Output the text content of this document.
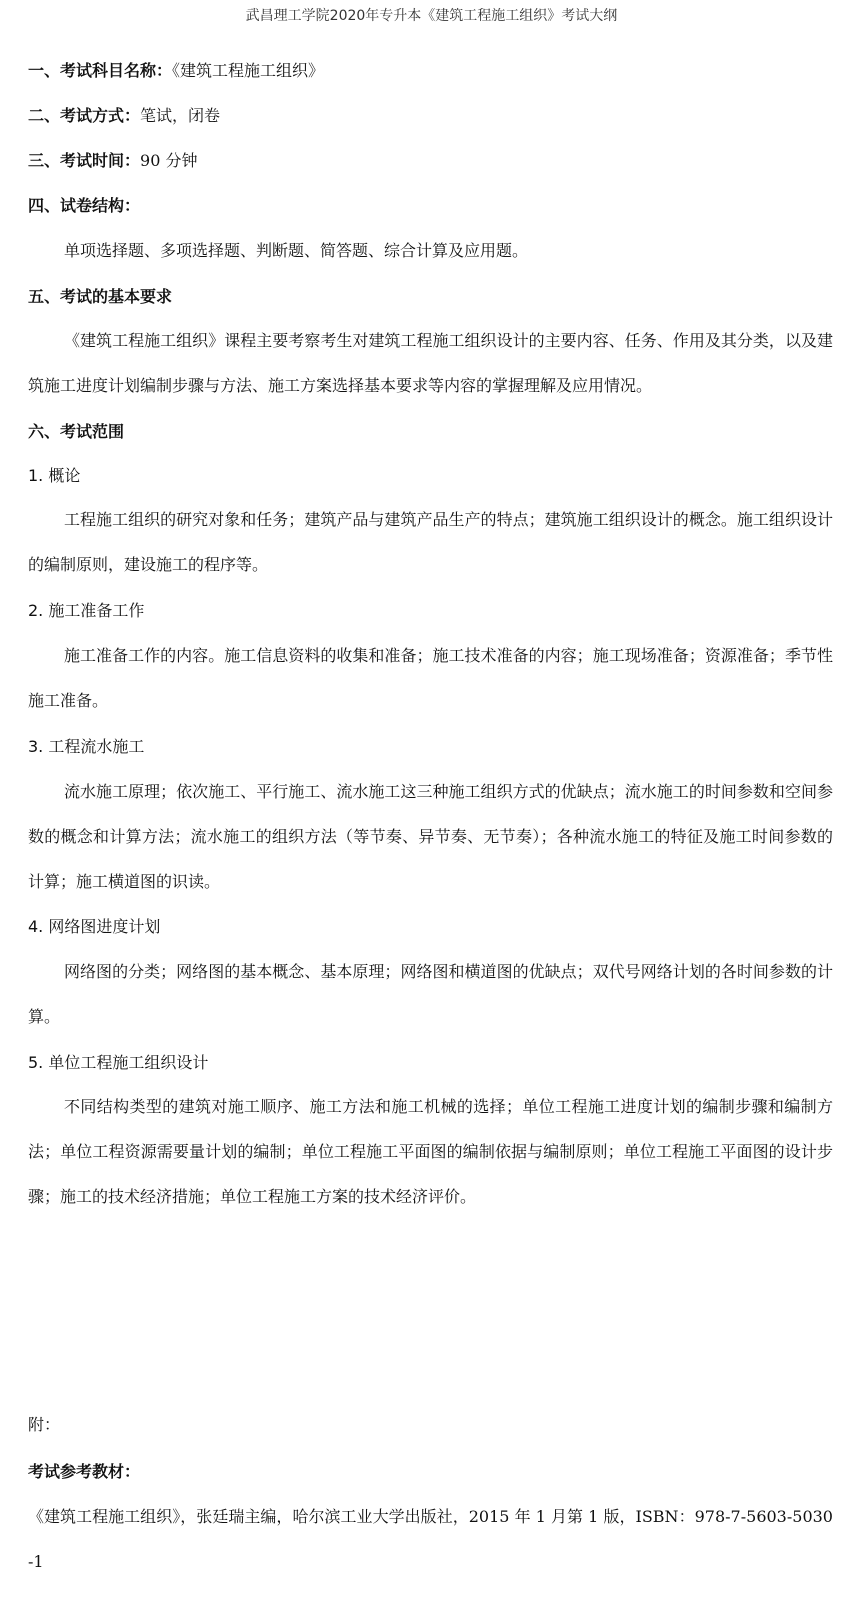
武昌理工学院2020年专升本《建筑工程施工组织》考试大纲
一、考试科目名称：《建筑工程施工组织》
二、考试方式：笔试，闭卷
三、考试时间：90 分钟
四、试卷结构：
单项选择题、多项选择题、判断题、简答题、综合计算及应用题。
五、考试的基本要求
《建筑工程施工组织》课程主要考察考生对建筑工程施工组织设计的主要内容、任务、作用及其分类，以及建筑施工进度计划编制步骤与方法、施工方案选择基本要求等内容的掌握理解及应用情况。
六、考试范围
1. 概论
工程施工组织的研究对象和任务；建筑产品与建筑产品生产的特点；建筑施工组织设计的概念。施工组织设计的编制原则，建设施工的程序等。
2. 施工准备工作
施工准备工作的内容。施工信息资料的收集和准备；施工技术准备的内容；施工现场准备；资源准备；季节性施工准备。
3. 工程流水施工
流水施工原理；依次施工、平行施工、流水施工这三种施工组织方式的优缺点；流水施工的时间参数和空间参数的概念和计算方法；流水施工的组织方法（等节奏、异节奏、无节奏）；各种流水施工的特征及施工时间参数的计算；施工横道图的识读。
4. 网络图进度计划
网络图的分类；网络图的基本概念、基本原理；网络图和横道图的优缺点；双代号网络计划的各时间参数的计算。
5. 单位工程施工组织设计
不同结构类型的建筑对施工顺序、施工方法和施工机械的选择；单位工程施工进度计划的编制步骤和编制方法；单位工程资源需要量计划的编制；单位工程施工平面图的编制依据与编制原则；单位工程施工平面图的设计步骤；施工的技术经济措施；单位工程施工方案的技术经济评价。
附：
考试参考教材：
《建筑工程施工组织》，张廷瑞主编，哈尔滨工业大学出版社，2015 年 1 月第 1 版，ISBN：978-7-5603-5030-1
